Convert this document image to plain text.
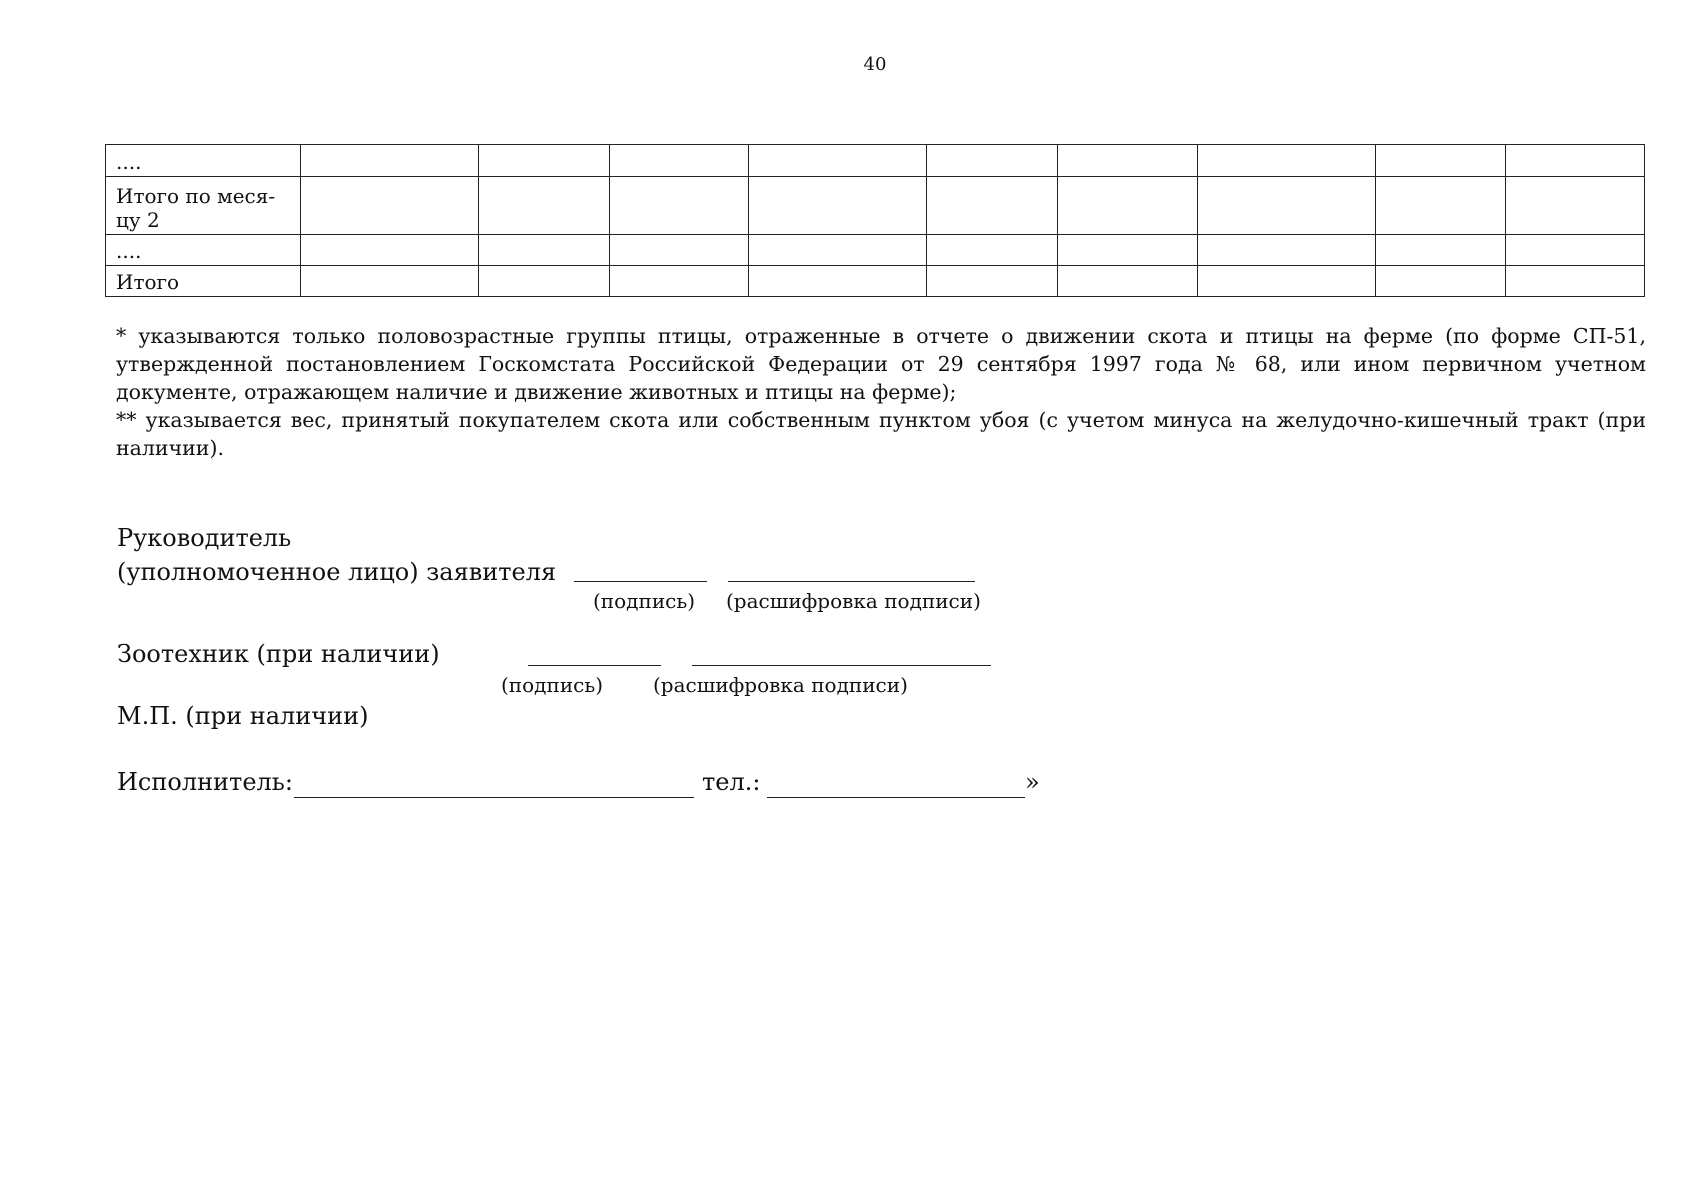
40
....									
Итого по меся-
цу 2									
....									
Итого									

* указываются только половозрастные группы птицы, отраженные в отчете о движении скота и птицы на ферме (по форме СП-51, утвержденной постановлением Госкомстата Российской Федерации от 29 сентября 1997 года № 68, или ином первичном учетном документе, отражающем наличие и движение животных и птицы на ферме);

** указывается вес, принятый покупателем скота или собственным пунктом убоя (с учетом минуса на желудочно-кишечный тракт (при наличии).

Руководитель
(уполномоченное лицо) заявителя
(подпись) (расшифровка подписи)
Зоотехник (при наличии)
(подпись) (расшифровка подписи)
М.П. (при наличии)
Исполнитель:	тел.:	»
